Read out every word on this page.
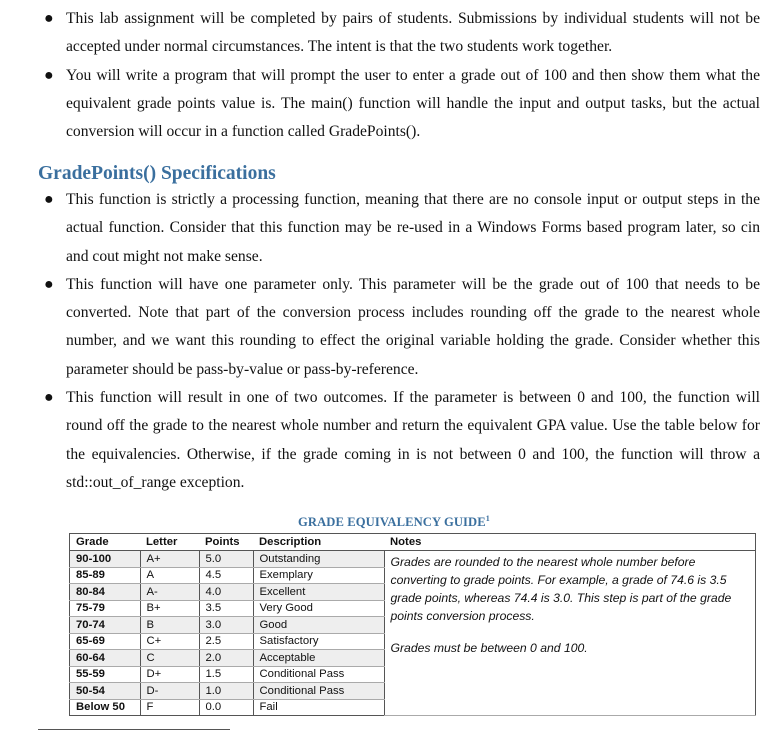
● This lab assignment will be completed by pairs of students. Submissions by individual students will not be accepted under normal circumstances. The intent is that the two students work together.
● You will write a program that will prompt the user to enter a grade out of 100 and then show them what the equivalent grade points value is. The main() function will handle the input and output tasks, but the actual conversion will occur in a function called GradePoints().
GradePoints() Specifications
● This function is strictly a processing function, meaning that there are no console input or output steps in the actual function. Consider that this function may be re-used in a Windows Forms based program later, so cin and cout might not make sense.
● This function will have one parameter only. This parameter will be the grade out of 100 that needs to be converted. Note that part of the conversion process includes rounding off the grade to the nearest whole number, and we want this rounding to effect the original variable holding the grade. Consider whether this parameter should be pass-by-value or pass-by-reference.
● This function will result in one of two outcomes. If the parameter is between 0 and 100, the function will round off the grade to the nearest whole number and return the equivalent GPA value. Use the table below for the equivalencies. Otherwise, if the grade coming in is not between 0 and 100, the function will throw a std::out_of_range exception.
GRADE EQUIVALENCY GUIDE$^1$
Grade	Letter	Points	Description	Notes
90-100	A+	5.0	Outstanding	Grades are rounded to the nearest whole number before converting to grade points. For example, a grade of 74.6 is 3.5 grade points, whereas 74.4 is 3.0. This step is part of the grade points conversion process.
Grades must be between 0 and 100.

85-89	A	4.5	Exemplary	
80-84	A-	4.0	Excellent	
75-79	B+	3.5	Very Good	
70-74	B	3.0	Good	
65-69	C+	2.5	Satisfactory	
60-64	C	2.0	Acceptable	
55-59	D+	1.5	Conditional Pass	
50-54	D-	1.0	Conditional Pass	
Below 50	F	0.0	Fail	
